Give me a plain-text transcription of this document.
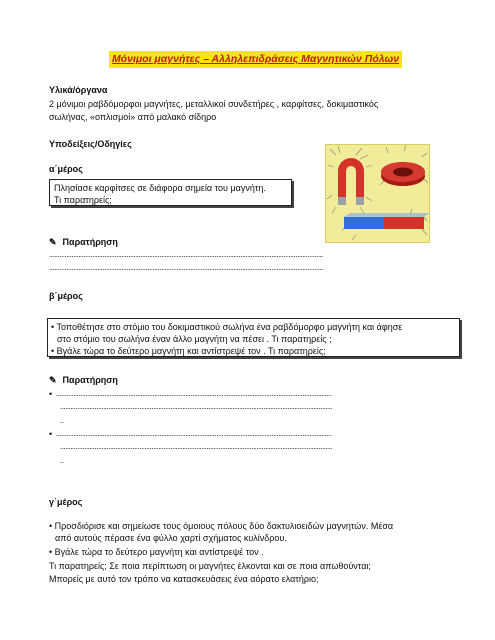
Μόνιμοι μαγνήτες – Αλληλεπιδράσεις Μαγνητικών Πόλων
Υλικά/όργανα
2 μόνιμοι ραβδόμορφοι μαγνήτες, μεταλλικοί συνδετήρες , καρφίτσες, δοκιμαστικός
σωλήνας, «οπλισμοί» από μαλακό σίδηρο
Υποδείξεις/Οδηγίες
α΄μέρος
Πλησίασε καρφίτσες σε διάφορα σημεία του μαγνήτη.
Τι παρατηρείς;
✎ Παρατήρηση
...............................................................................................................................................................
...............................................................................................................................................................
β΄μέρος
• Τοποθέτησε στο στόμιο του δοκιμαστικού σωλήνα ένα ραβδόμορφο μαγνήτη και άφησε
στο στόμιο του σωλήνα έναν άλλο μαγνήτη να πέσει . Τι παρατηρείς ;
• Βγάλε τώρα το δεύτερο μαγνήτη και αντίστρεψέ τον . Τι παρατηρείς;
✎ Παρατήρηση
• ................................................................................................................................................................
..............................................................................................................................................................
..
• ................................................................................................................................................................
..............................................................................................................................................................
..
γ΄μέρος
• Προσδιόρισε και σημείωσε τους όμοιους πόλους δύο δακτυλιοειδών μαγνητών. Μέσα
από αυτούς πέρασε ένα φύλλο χαρτί σχήματος κυλίνδρου.
• Βγάλε τώρα το δεύτερο μαγνήτη και αντίστρεψέ τον .
Τι παρατηρείς; Σε ποια περίπτωση οι μαγνήτες έλκονται και σε ποια απωθούνται;
Μπορείς με αυτό τον τρόπο να κατασκευάσεις ένα αόρατο ελατήριο;
